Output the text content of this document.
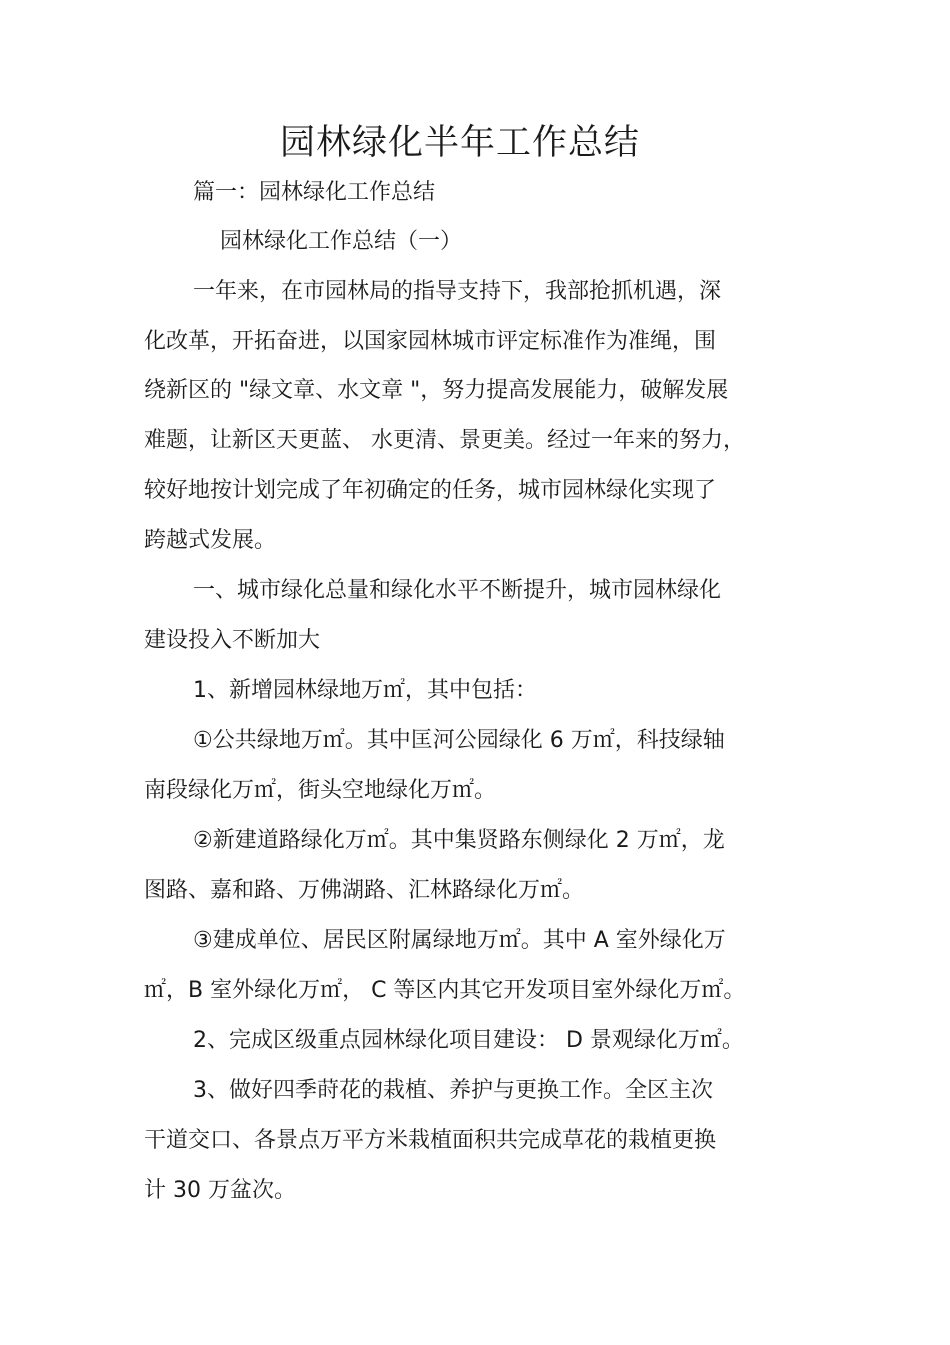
园林绿化半年工作总结
篇一：园林绿化工作总结
园林绿化工作总结（一）
一年来，在市园林局的指导支持下，我部抢抓机遇，深
化改革，开拓奋进，以国家园林城市评定标准作为准绳，围
绕新区的 "绿文章、水文章 "，努力提高发展能力，破解发展
难题，让新区天更蓝、 水更清、景更美。经过一年来的努力，
较好地按计划完成了年初确定的任务，城市园林绿化实现了
跨越式发展。
一、城市绿化总量和绿化水平不断提升，城市园林绿化
建设投入不断加大
1、新增园林绿地万㎡，其中包括：
①公共绿地万㎡。其中匡河公园绿化 6 万㎡，科技绿轴
南段绿化万㎡，街头空地绿化万㎡。
②新建道路绿化万㎡。其中集贤路东侧绿化 2 万㎡，龙
图路、嘉和路、万佛湖路、汇林路绿化万㎡。
③建成单位、居民区附属绿地万㎡。其中 A 室外绿化万
㎡，B 室外绿化万㎡， C 等区内其它开发项目室外绿化万㎡。
2、完成区级重点园林绿化项目建设： D 景观绿化万㎡。
3、做好四季莳花的栽植、养护与更换工作。全区主次
干道交口、各景点万平方米栽植面积共完成草花的栽植更换
计 30 万盆次。
